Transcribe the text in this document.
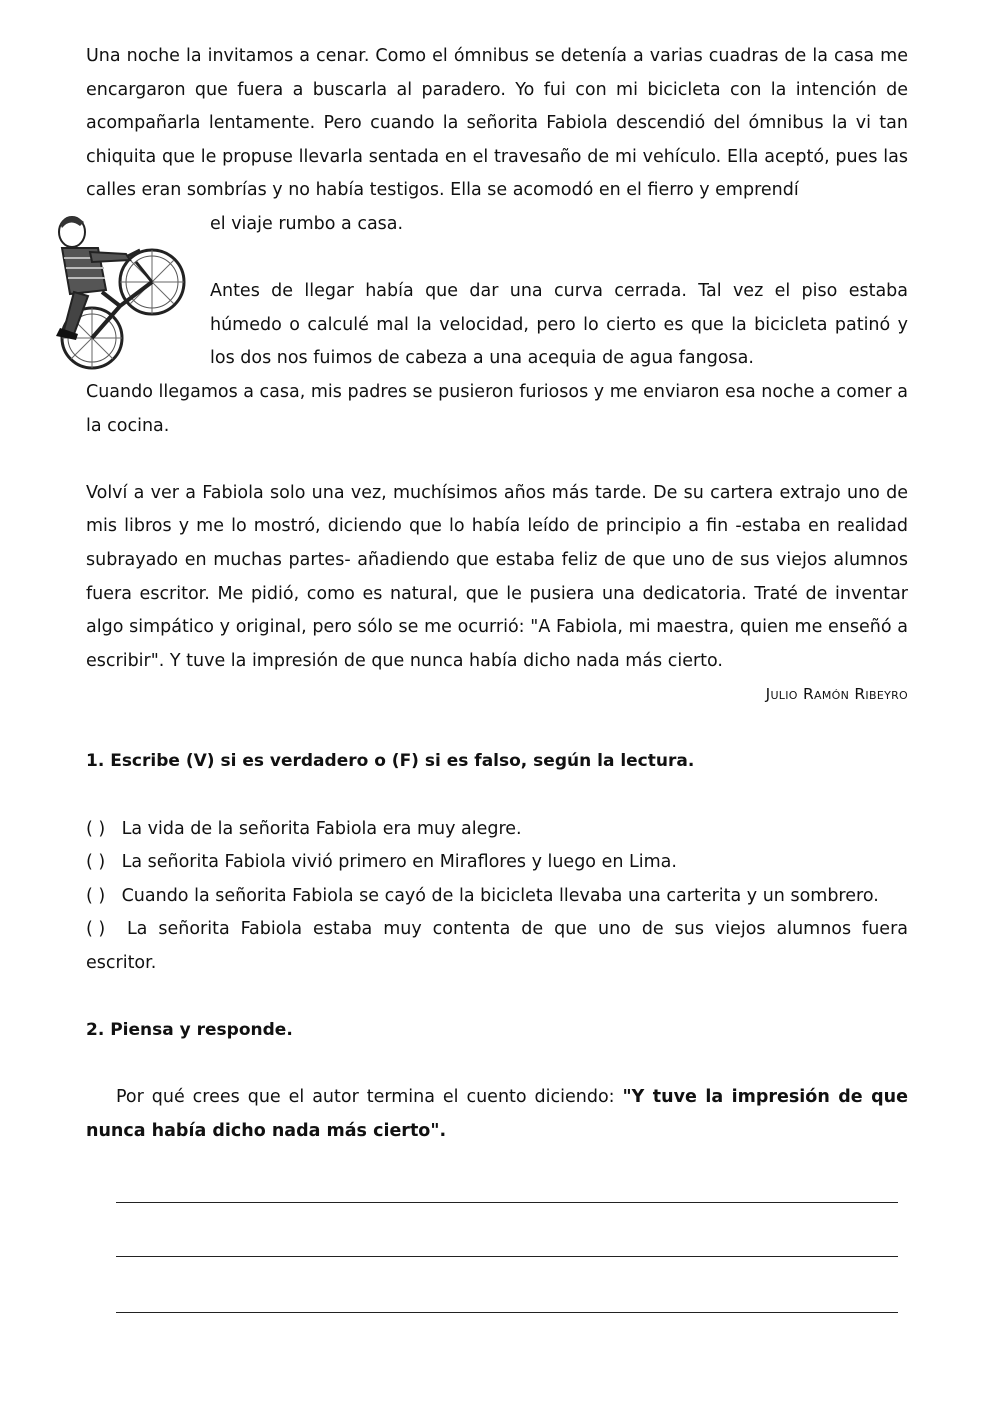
Una noche la invitamos a cenar. Como el ómnibus se detenía a varias cuadras de la casa me encargaron que fuera a buscarla al paradero. Yo fui con mi bicicleta con la intención de acompañarla lentamente. Pero cuando la señorita Fabiola descendió del ómnibus la vi tan chiquita que le propuse llevarla sentada en el travesaño de mi vehículo. Ella aceptó, pues las calles eran sombrías y no había testigos. Ella se acomodó en el fierro y emprendí

el viaje rumbo a casa.

Antes de llegar había que dar una curva cerrada. Tal vez el piso estaba húmedo o calculé mal la velocidad, pero lo cierto es que la bicicleta patinó y los dos nos fuimos de cabeza a una acequia de agua fangosa.

Cuando llegamos a casa, mis padres se pusieron furiosos y me enviaron esa noche a comer a la cocina.

Volví a ver a Fabiola solo una vez, muchísimos años más tarde. De su cartera extrajo uno de mis libros y me lo mostró, diciendo que lo había leído de principio a fin -estaba en realidad subrayado en muchas partes- añadiendo que estaba feliz de que uno de sus viejos alumnos fuera escritor. Me pidió, como es natural, que le pusiera una dedicatoria. Traté de inventar algo simpático y original, pero sólo se me ocurrió: "A Fabiola, mi maestra, quien me enseñó a escribir". Y tuve la impresión de que nunca había dicho nada más cierto.

Julio Ramón Ribeyro
1. Escribe (V) si es verdadero o (F) si es falso, según la lectura.
( ) La vida de la señorita Fabiola era muy alegre.
( ) La señorita Fabiola vivió primero en Miraflores y luego en Lima.
( ) Cuando la señorita Fabiola se cayó de la bicicleta llevaba una carterita y un sombrero.
( ) La señorita Fabiola estaba muy contenta de que uno de sus viejos alumnos fuera escritor.
2. Piensa y responde.

Por qué crees que el autor termina el cuento diciendo: "Y tuve la impresión de que nunca había dicho nada más cierto".
